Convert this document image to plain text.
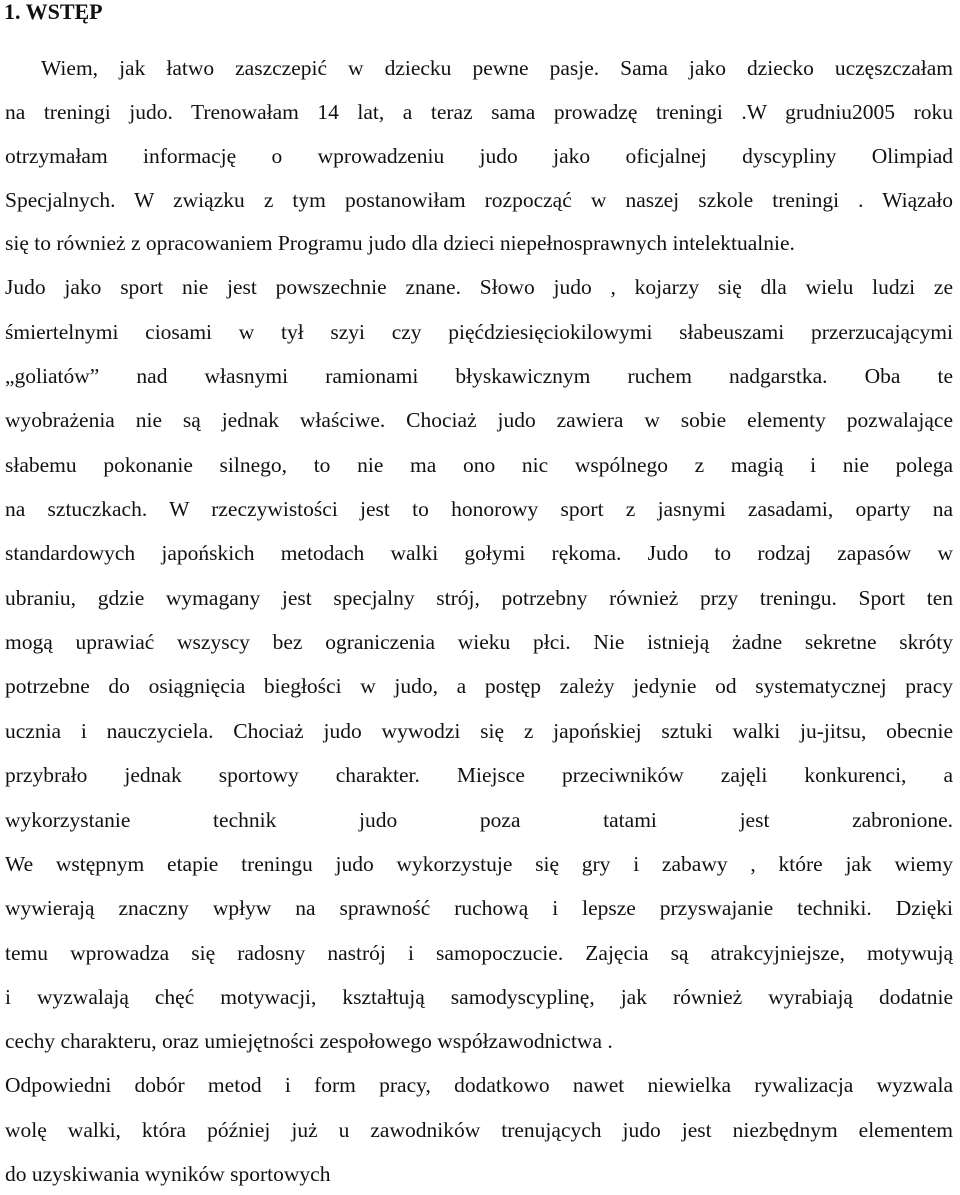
1. WSTĘP

Wiem, jak łatwo zaszczepić w dziecku pewne pasje. Sama jako dziecko uczęszczałam

na treningi judo. Trenowałam 14 lat, a teraz sama prowadzę treningi .W grudniu2005 roku

otrzymałam informację o wprowadzeniu judo jako oficjalnej dyscypliny Olimpiad

Specjalnych. W związku z tym postanowiłam rozpocząć w naszej szkole treningi . Wiązało

się to również z opracowaniem Programu judo dla dzieci niepełnosprawnych intelektualnie.

Judo jako sport nie jest powszechnie znane. Słowo judo , kojarzy się dla wielu ludzi ze

śmiertelnymi ciosami w tył szyi czy pięćdziesięciokilowymi słabeuszami przerzucającymi

„goliatów” nad własnymi ramionami błyskawicznym ruchem nadgarstka. Oba te

wyobrażenia nie są jednak właściwe. Chociaż judo zawiera w sobie elementy pozwalające

słabemu pokonanie silnego, to nie ma ono nic wspólnego z magią i nie polega

na sztuczkach. W rzeczywistości jest to honorowy sport z jasnymi zasadami, oparty na

standardowych japońskich metodach walki gołymi rękoma. Judo to rodzaj zapasów w

ubraniu, gdzie wymagany jest specjalny strój, potrzebny również przy treningu. Sport ten

mogą uprawiać wszyscy bez ograniczenia wieku płci. Nie istnieją żadne sekretne skróty

potrzebne do osiągnięcia biegłości w judo, a postęp zależy jedynie od systematycznej pracy

ucznia i nauczyciela. Chociaż judo wywodzi się z japońskiej sztuki walki ju-jitsu, obecnie

przybrało jednak sportowy charakter. Miejsce przeciwników zajęli konkurenci, a

wykorzystanie technik judo poza tatami jest zabronione.

We wstępnym etapie treningu judo wykorzystuje się gry i zabawy , które jak wiemy

wywierają znaczny wpływ na sprawność ruchową i lepsze przyswajanie techniki. Dzięki

temu wprowadza się radosny nastrój i samopoczucie. Zajęcia są atrakcyjniejsze, motywują

i wyzwalają chęć motywacji, kształtują samodyscyplinę, jak również wyrabiają dodatnie

cechy charakteru, oraz umiejętności zespołowego współzawodnictwa .

Odpowiedni dobór metod i form pracy, dodatkowo nawet niewielka rywalizacja wyzwala

wolę walki, która później już u zawodników trenujących judo jest niezbędnym elementem

do uzyskiwania wyników sportowych
